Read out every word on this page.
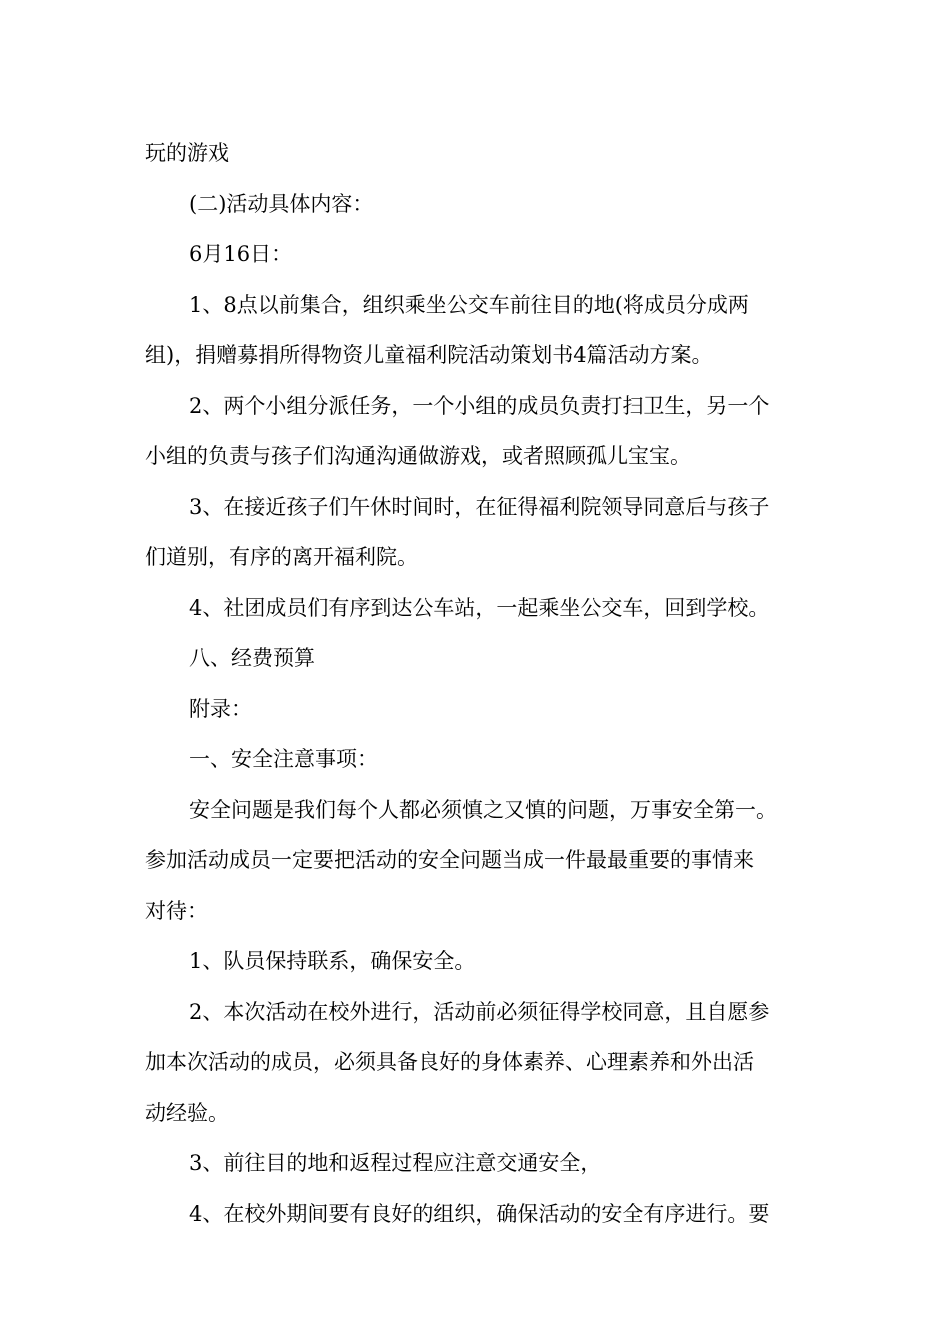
玩的游戏

(二)活动具体内容：

6月16日：

1、8点以前集合，组织乘坐公交车前往目的地(将成员分成两

组)，捐赠募捐所得物资儿童福利院活动策划书4篇活动方案。

2、两个小组分派任务，一个小组的成员负责打扫卫生，另一个

小组的负责与孩子们沟通沟通做游戏，或者照顾孤儿宝宝。

3、在接近孩子们午休时间时，在征得福利院领导同意后与孩子

们道别，有序的离开福利院。

4、社团成员们有序到达公车站，一起乘坐公交车，回到学校。

八、经费预算

附录：

一、安全注意事项：

安全问题是我们每个人都必须慎之又慎的问题，万事安全第一。

参加活动成员一定要把活动的安全问题当成一件最最重要的事情来

对待：

1、队员保持联系，确保安全。

2、本次活动在校外进行，活动前必须征得学校同意，且自愿参

加本次活动的成员，必须具备良好的身体素养、心理素养和外出活

动经验。

3、前往目的地和返程过程应注意交通安全，

4、在校外期间要有良好的组织，确保活动的安全有序进行。要
